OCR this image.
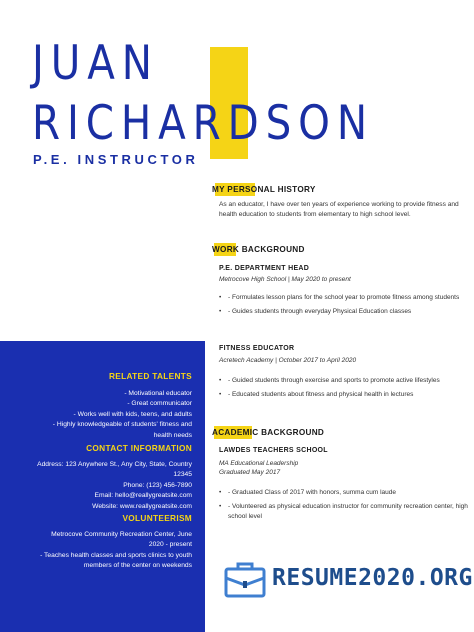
JUAN
RICHARDSON
P.E. INSTRUCTOR
MY PERSONAL HISTORY
As an educator, I have over ten years of experience working to provide fitness and health education to students from elementary to high school level.
WORK BACKGROUND
P.E. DEPARTMENT HEAD
Metrocove High School | May 2020 to present
• - Formulates lesson plans for the school year to promote fitness among students
• - Guides students through everyday Physical Education classes
FITNESS EDUCATOR
Acretech Academy | October 2017 to April 2020
• - Guided students through exercise and sports to promote active lifestyles
• - Educated students about fitness and physical health in lectures
ACADEMIC BACKGROUND
LAWDES TEACHERS SCHOOL
MA Educational Leadership
Graduated May 2017
• - Graduated Class of 2017 with honors, summa cum laude
• - Volunteered as physical education instructor for community recreation center, high school level
RELATED TALENTS
- Motivational educator
- Great communicator
- Works well with kids, teens, and adults
- Highly knowledgeable of students' fitness and
health needs
CONTACT INFORMATION
Address: 123 Anywhere St., Any City, State, Country
12345
Phone: (123) 456-7890
Email: hello@reallygreatsite.com
Website: www.reallygreatsite.com
VOLUNTEERISM
Metrocove Community Recreation Center, June
2020 - present
- Teaches health classes and sports clinics to youth
members of the center on weekends	RESUME2020.ORG
